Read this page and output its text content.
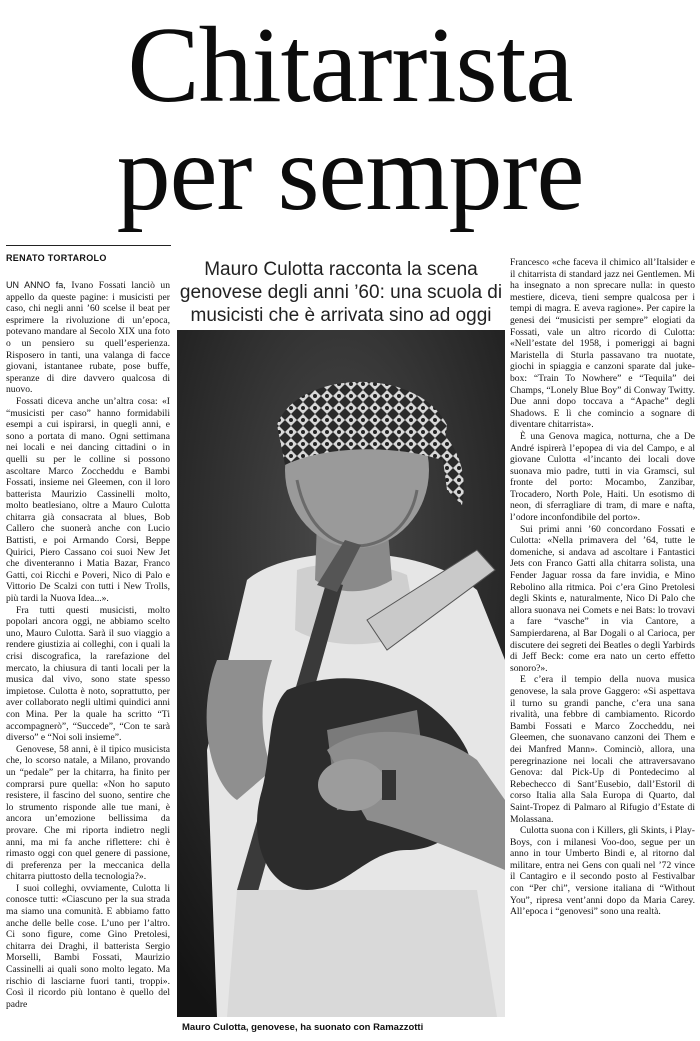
Chitarrista
per sempre
RENATO TORTAROLO

UN ANNO fa, Ivano Fossati lanciò un appello da queste pagine: i musicisti per caso, chi negli anni ’60 scelse il beat per esprimere la rivoluzione di un’epoca, potevano mandare al Secolo XIX una foto o un pensiero su quell’esperienza. Risposero in tanti, una valanga di facce giovani, istantanee rubate, pose buffe, speranze di dire davvero qualcosa di nuovo.

Fossati diceva anche un’altra cosa: «I “musicisti per caso” hanno formidabili esempi a cui ispirarsi, in quegli anni, e sono a portata di mano. Ogni settimana nei locali e nei dancing cittadini o in quelli su per le colline si possono ascoltare Marco Zoccheddu e Bambi Fossati, insieme nei Gleemen, con il loro batterista Maurizio Cassinelli molto, molto beatlesiano, oltre a Mauro Culotta chitarra già consacrata al blues, Bob Callero che suonerà anche con Lucio Battisti, e poi Armando Corsi, Beppe Quirici, Piero Cassano coi suoi New Jet che diventeranno i Matia Bazar, Franco Gatti, coi Ricchi e Poveri, Nico di Palo e Vittorio De Scalzi con tutti i New Trolls, più tardi la Nuova Idea...».

Fra tutti questi musicisti, molto popolari ancora oggi, ne abbiamo scelto uno, Mauro Culotta. Sarà il suo viaggio a rendere giustizia ai colleghi, con i quali la crisi discografica, la rarefazione del mercato, la chiusura di tanti locali per la musica dal vivo, sono state spesso impietose. Culotta è noto, soprattutto, per aver collaborato negli ultimi quindici anni con Mina. Per la quale ha scritto “Ti accompagnerò”, “Succede”, “Con te sarà diverso” e “Noi soli insieme”.

Genovese, 58 anni, è il tipico musicista che, lo scorso natale, a Milano, provando un “pedale” per la chitarra, ha finito per comprarsi pure quella: «Non ho saputo resistere, il fascino del suono, sentire che lo strumento risponde alle tue mani, è ancora un’emozione bellissima da provare. Che mi riporta indietro negli anni, ma mi fa anche riflettere: chi è rimasto oggi con quel genere di passione, di preferenza per la meccanica della chitarra piuttosto della tecnologia?».

I suoi colleghi, ovviamente, Culotta li conosce tutti: «Ciascuno per la sua strada ma siamo una comunità. E abbiamo fatto anche delle belle cose. L’uno per l’altro. Ci sono figure, come Gino Pretolesi, chitarra dei Draghi, il batterista Sergio Morselli, Bambi Fossati, Maurizio Cassinelli ai quali sono molto legato. Ma rischio di lasciarne fuori tanti, troppi». Così il ricordo più lontano è quello del padre

Mauro Culotta racconta la scena genovese degli anni ’60: una scuola di musicisti che è arrivata sino ad oggi

Mauro Culotta, genovese, ha suonato con Ramazzotti

Francesco «che faceva il chimico all’Italsider e il chitarrista di standard jazz nei Gentlemen. Mi ha insegnato a non sprecare nulla: in questo mestiere, diceva, tieni sempre qualcosa per i tempi di magra. E aveva ragione». Per capire la genesi dei “musicisti per sempre” elogiati da Fossati, vale un altro ricordo di Culotta: «Nell’estate del 1958, i pomeriggi ai bagni Maristella di Sturla passavano tra nuotate, giochi in spiaggia e canzoni sparate dal juke-box: “Train To Nowhere” e “Tequila” dei Champs, “Lonely Blue Boy” di Conway Twitty. Due anni dopo toccava a “Apache” degli Shadows. E lì che comincio a sognare di diventare chitarrista».

È una Genova magica, notturna, che a De André ispirerà l’epopea di via del Campo, e al giovane Culotta «l’incanto dei locali dove suonava mio padre, tutti in via Gramsci, sul fronte del porto: Mocambo, Zanzibar, Trocadero, North Pole, Haiti. Un esotismo di neon, di sferragliare di tram, di mare e nafta, l’odore inconfondibile del porto».

Sui primi anni ’60 concordano Fossati e Culotta: «Nella primavera del ’64, tutte le domeniche, si andava ad ascoltare i Fantastici Jets con Franco Gatti alla chitarra solista, una Fender Jaguar rossa da fare invidia, e Mino Rebolino alla ritmica. Poi c’era Gino Pretolesi degli Skints e, naturalmente, Nico Di Palo che allora suonava nei Comets e nei Bats: lo trovavi a fare “vasche” in via Cantore, a Sampierdarena, al Bar Dogali o al Carioca, per discutere dei segreti dei Beatles o degli Yarbirds di Jeff Beck: come era nato un certo effetto sonoro?».

E c’era il tempio della nuova musica genovese, la sala prove Gaggero: «Si aspettava il turno su grandi panche, c’era una sana rivalità, una febbre di cambiamento. Ricordo Bambi Fossati e Marco Zoccheddu, nei Gleemen, che suonavano canzoni dei Them e dei Manfred Mann». Cominciò, allora, una peregrinazione nei locali che attraversavano Genova: dal Pick-Up di Pontedecimo al Rebechecco di Sant’Eusebio, dall’Estoril di corso Italia alla Sala Europa di Quarto, dal Saint-Tropez di Palmaro al Rifugio d’Estate di Molassana.

Culotta suona con i Killers, gli Skints, i Play-Boys, con i milanesi Voo-doo, segue per un anno in tour Umberto Bindi e, al ritorno dal militare, entra nei Gens con quali nel ’72 vince il Cantagiro e il secondo posto al Festivalbar con “Per chi”, versione italiana di “Without You”, ripresa vent’anni dopo da Maria Carey. All’epoca i “genovesi” sono una realtà.
